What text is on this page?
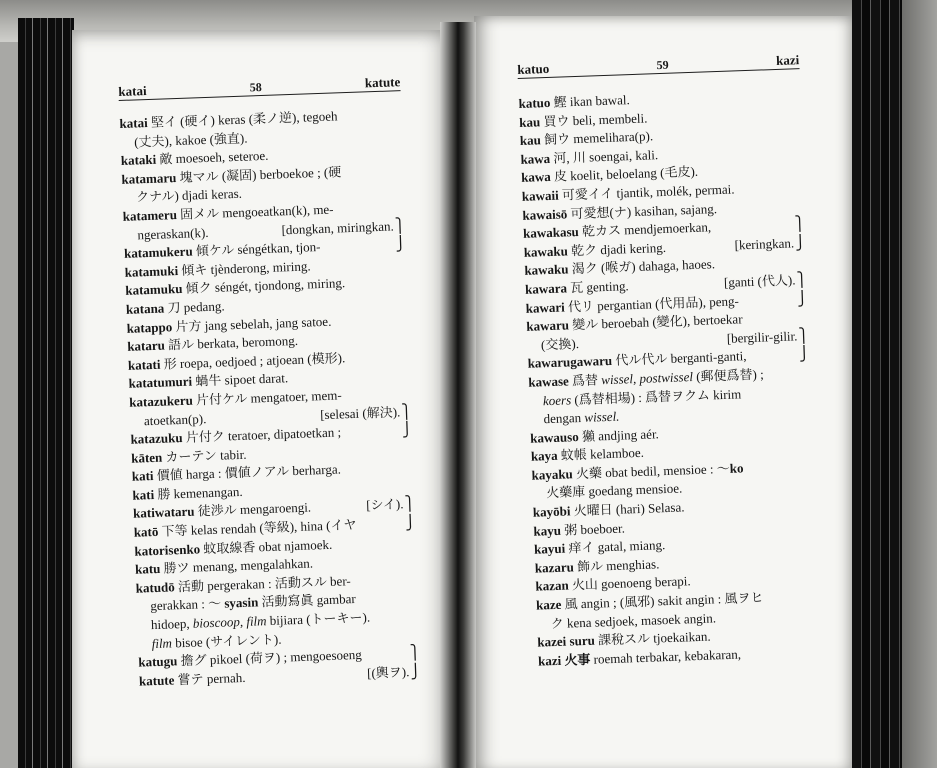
katai	58	katute
katai 堅イ (硬イ) keras (柔ノ逆), tegoeh
(丈夫), kakoe (強直).
kataki 敵 moesoeh, seteroe.
katamaru 塊マル (凝固) berboekoe ; (硬
クナル) djadi keras.
katameru 固メル mengoeatkan(k), me-
ngeraskan(k).	[dongkan, miringkan. ⎫
katamukeru 傾ケル séngétkan, tjon-	⎭
katamuki 傾キ tjènderong, miring.
katamuku 傾ク séngét, tjondong, miring.
katana 刀 pedang.
katappo 片方 jang sebelah, jang satoe.
kataru 語ル berkata, beromong.
katati 形 roepa, oedjoed ; atjoean (模形).
katatumuri 蝸牛 sipoet darat.
katazukeru 片付ケル mengatoer, mem-
atoetkan(p).	[selesai (解決). ⎫
katazuku 片付ク teratoer, dipatoetkan ;	⎭
kāten カーテン tabir.
kati 價値 harga : 價値ノアル berharga.
kati 勝 kemenangan.
katiwataru 徒渉ル mengaroengi.	[シイ). ⎫
katō 下等 kelas rendah (等級), hina (イヤ	⎭
katorisenko 蚊取線香 obat njamoek.
katu 勝ツ menang, mengalahkan.
katudō 活動 pergerakan : 活動スル ber-
gerakkan : ～ syasin 活動寫眞 gambar
hidoep, bioscoop, film bijiara (トーキー).
film bisoe (サイレント).
katugu 擔グ pikoel (荷ヲ) ; mengoesoeng	⎫
katute 嘗テ pernah.	[(輿ヲ). ⎭
katuo	59	kazi
katuo 鰹 ikan bawal.
kau 買ウ beli, membeli.
kau 飼ウ memelihara(p).
kawa 河, 川 soengai, kali.
kawa 皮 koelit, beloelang (毛皮).
kawaii 可愛イイ tjantik, molék, permai.
kawaisō 可愛想(ナ) kasihan, sajang.
kawakasu 乾カス mendjemoerkan,	⎫
kawaku 乾ク djadi kering.	[keringkan. ⎭
kawaku 渴ク (喉ガ) dahaga, haoes.
kawara 瓦 genting.	[ganti (代人). ⎫
kawari 代リ pergantian (代用品), peng-	⎭
kawaru 變ル beroebah (變化), bertoekar
(交換).	[bergilir-gilir. ⎫
kawarugawaru 代ル代ル berganti-ganti,	⎭
kawase 爲替 wissel, postwissel (郵便爲替) ;
koers (爲替相場) : 爲替ヲクム kirim
dengan wissel.
kawauso 獺 andjing aér.
kaya 蚊帳 kelamboe.
kayaku 火藥 obat bedil, mensioe : ～ko
火藥庫 goedang mensioe.
kayōbi 火曜日 (hari) Selasa.
kayu 粥 boeboer.
kayui 痒イ gatal, miang.
kazaru 飾ル menghias.
kazan 火山 goenoeng berapi.
kaze 風 angin ; (風邪) sakit angin : 風ヲヒ
ク kena sedjoek, masoek angin.
kazei suru 課稅スル tjoekaikan.
kazi 火事 roemah terbakar, kebakaran,
